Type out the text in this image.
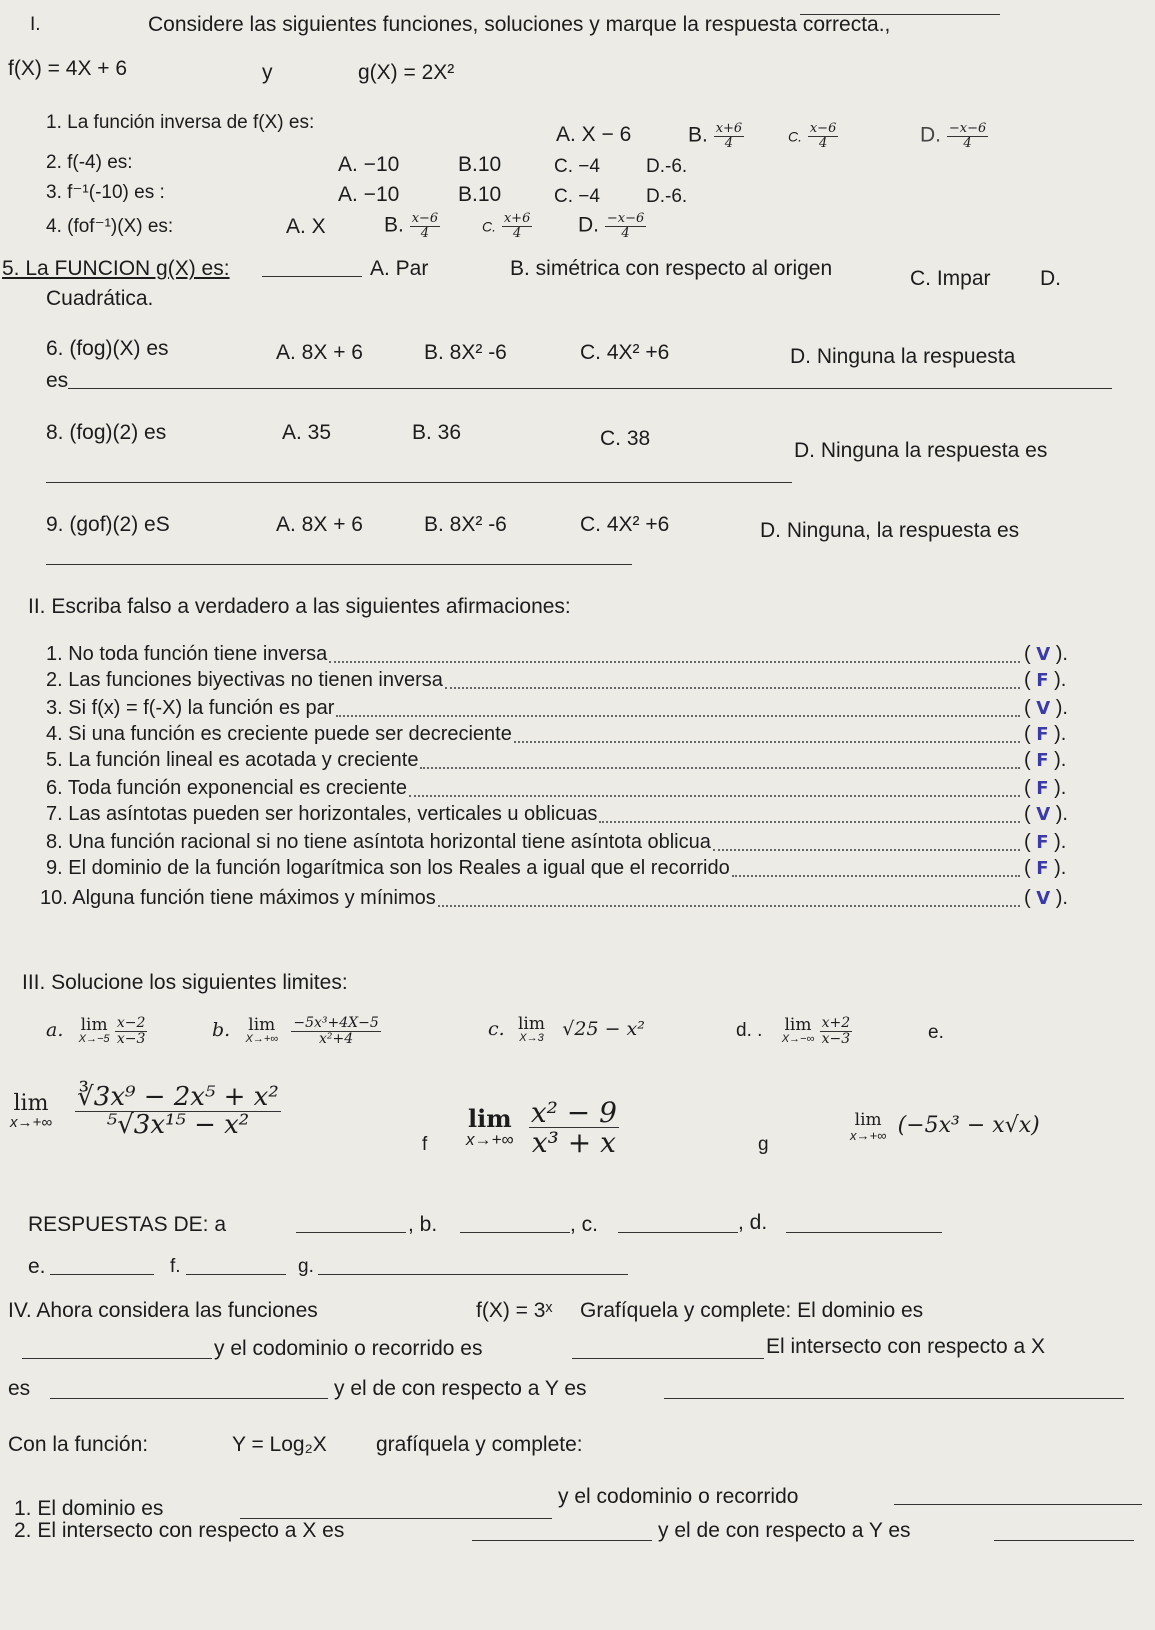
I.	Considere las siguientes funciones, soluciones y marque la respuesta correcta.,
f(X) = 4X + 6	y	g(X) = 2X²
1. La función inversa de f(X) es:
A. X − 6	B. $\frac{x+6}{4}$	C. $\frac{x-6}{4}$	D. $\frac{-x-6}{4}$
2. f(-4) es:	A. −10	B.10	C. −4 D.-6.
3. f⁻¹(-10) es :	A. −10	B.10	C. −4 D.-6.
4. (fof⁻¹)(X) es:	A. X	B. $\frac{x-6}{4}$	C. $\frac{x+6}{4} D$. $\frac{-x-6}{4}$
5. La FUNCION g(X) es:	A. Par	B. simétrica con respecto al origen	C. Impar D.
Cuadrática.
6. (fog)(X) es	A. 8X + 6	B. 8X² -6	C. 4X² +6	D. Ninguna la respuesta
es
8. (fog)(2) es	A. 35	B. 36	C. 38
D. Ninguna la respuesta es
9. (gof)(2) eS	A. 8X + 6	B. 8X² -6	C. 4X² +6	D. Ninguna, la respuesta es
II. Escriba falso a verdadero a las siguientes afirmaciones:
1. No toda función tiene inversa	( V ).
2. Las funciones biyectivas no tienen inversa	( F ).
3. Si f(x) = f(-X) la función es par	( V ).
4. Si una función es creciente puede ser decreciente	( F ).
5. La función lineal es acotada y creciente	( F ).
6. Toda función exponencial es creciente	( F ).
7. Las asíntotas pueden ser horizontales, verticales u oblicuas	( V ).
8. Una función racional si no tiene asíntota horizontal tiene asíntota oblicua	( F ).
9. El dominio de la función logarítmica son los Reales a igual que el recorrido	( F ).
10. Alguna función tiene máximos y mínimos	( V ).
III. Solucione los siguientes limites:
a. lim
X→−5
$\frac{x-2}{x-3}$	b. lim
X→+∞
$\frac{\text{−5x³+4X−5}}{\text{x²+4}}$	c. lim
X→3 √25 − x²	d. . lim
X→−∞
$\frac{x+2}{x-3}$	e.
lim
x→+∞
$\frac{\text{∛3x⁹ − 2x⁵ + x²}}{\text{⁵√3x¹⁵ − x²}}$
f
lim
x→+∞
$\frac{\text{x² − 9}}{\text{x³ + x}}$	g
lim
x→+∞ (−5x³ − x√x)
RESPUESTAS DE: a	, b.	, c.	, d.
e.	f.	g.
IV. Ahora considera las funciones	f(X) = 3ˣ Grafíquela y complete: El dominio es
y el codominio o recorrido es	El intersecto con respecto a X
es	y el de con respecto a Y es
Con la función:	Y = Log₂X grafíquela y complete:
1. El dominio es
y el codominio o recorrido
2. El intersecto con respecto a X es	y el de con respecto a Y es
